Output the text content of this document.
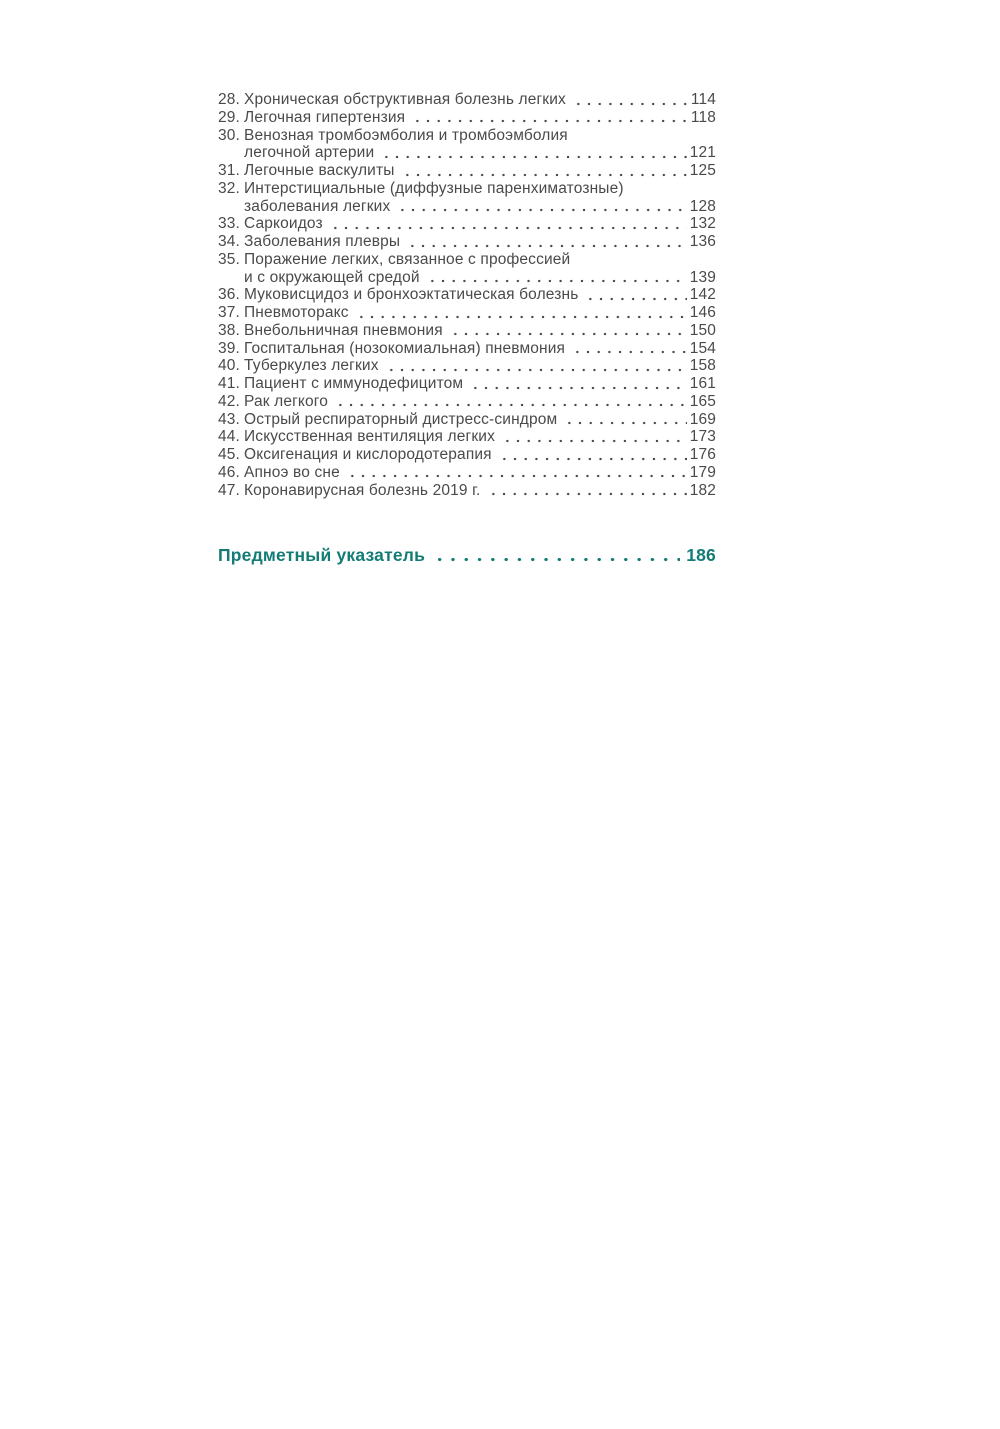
28. Хроническая обструктивная болезнь легких	114
29. Легочная гипертензия	118
30. Венозная тромбоэмболия и тромбоэмболия
легочной артерии	121
31. Легочные васкулиты	125
32. Интерстициальные (диффузные паренхиматозные)
заболевания легких	128
33. Саркоидоз	132
34. Заболевания плевры	136
35. Поражение легких, связанное с профессией
и с окружающей средой	139
36. Муковисцидоз и бронхоэктатическая болезнь	142
37. Пневмоторакс	146
38. Внебольничная пневмония	150
39. Госпитальная (нозокомиальная) пневмония	154
40. Туберкулез легких	158
41. Пациент с иммунодефицитом	161
42. Рак легкого	165
43. Острый респираторный дистресс-синдром	169
44. Искусственная вентиляция легких	173
45. Оксигенация и кислородотерапия	176
46. Апноэ во сне	179
47. Коронавирусная болезнь 2019 г.	182
Предметный указатель	186
